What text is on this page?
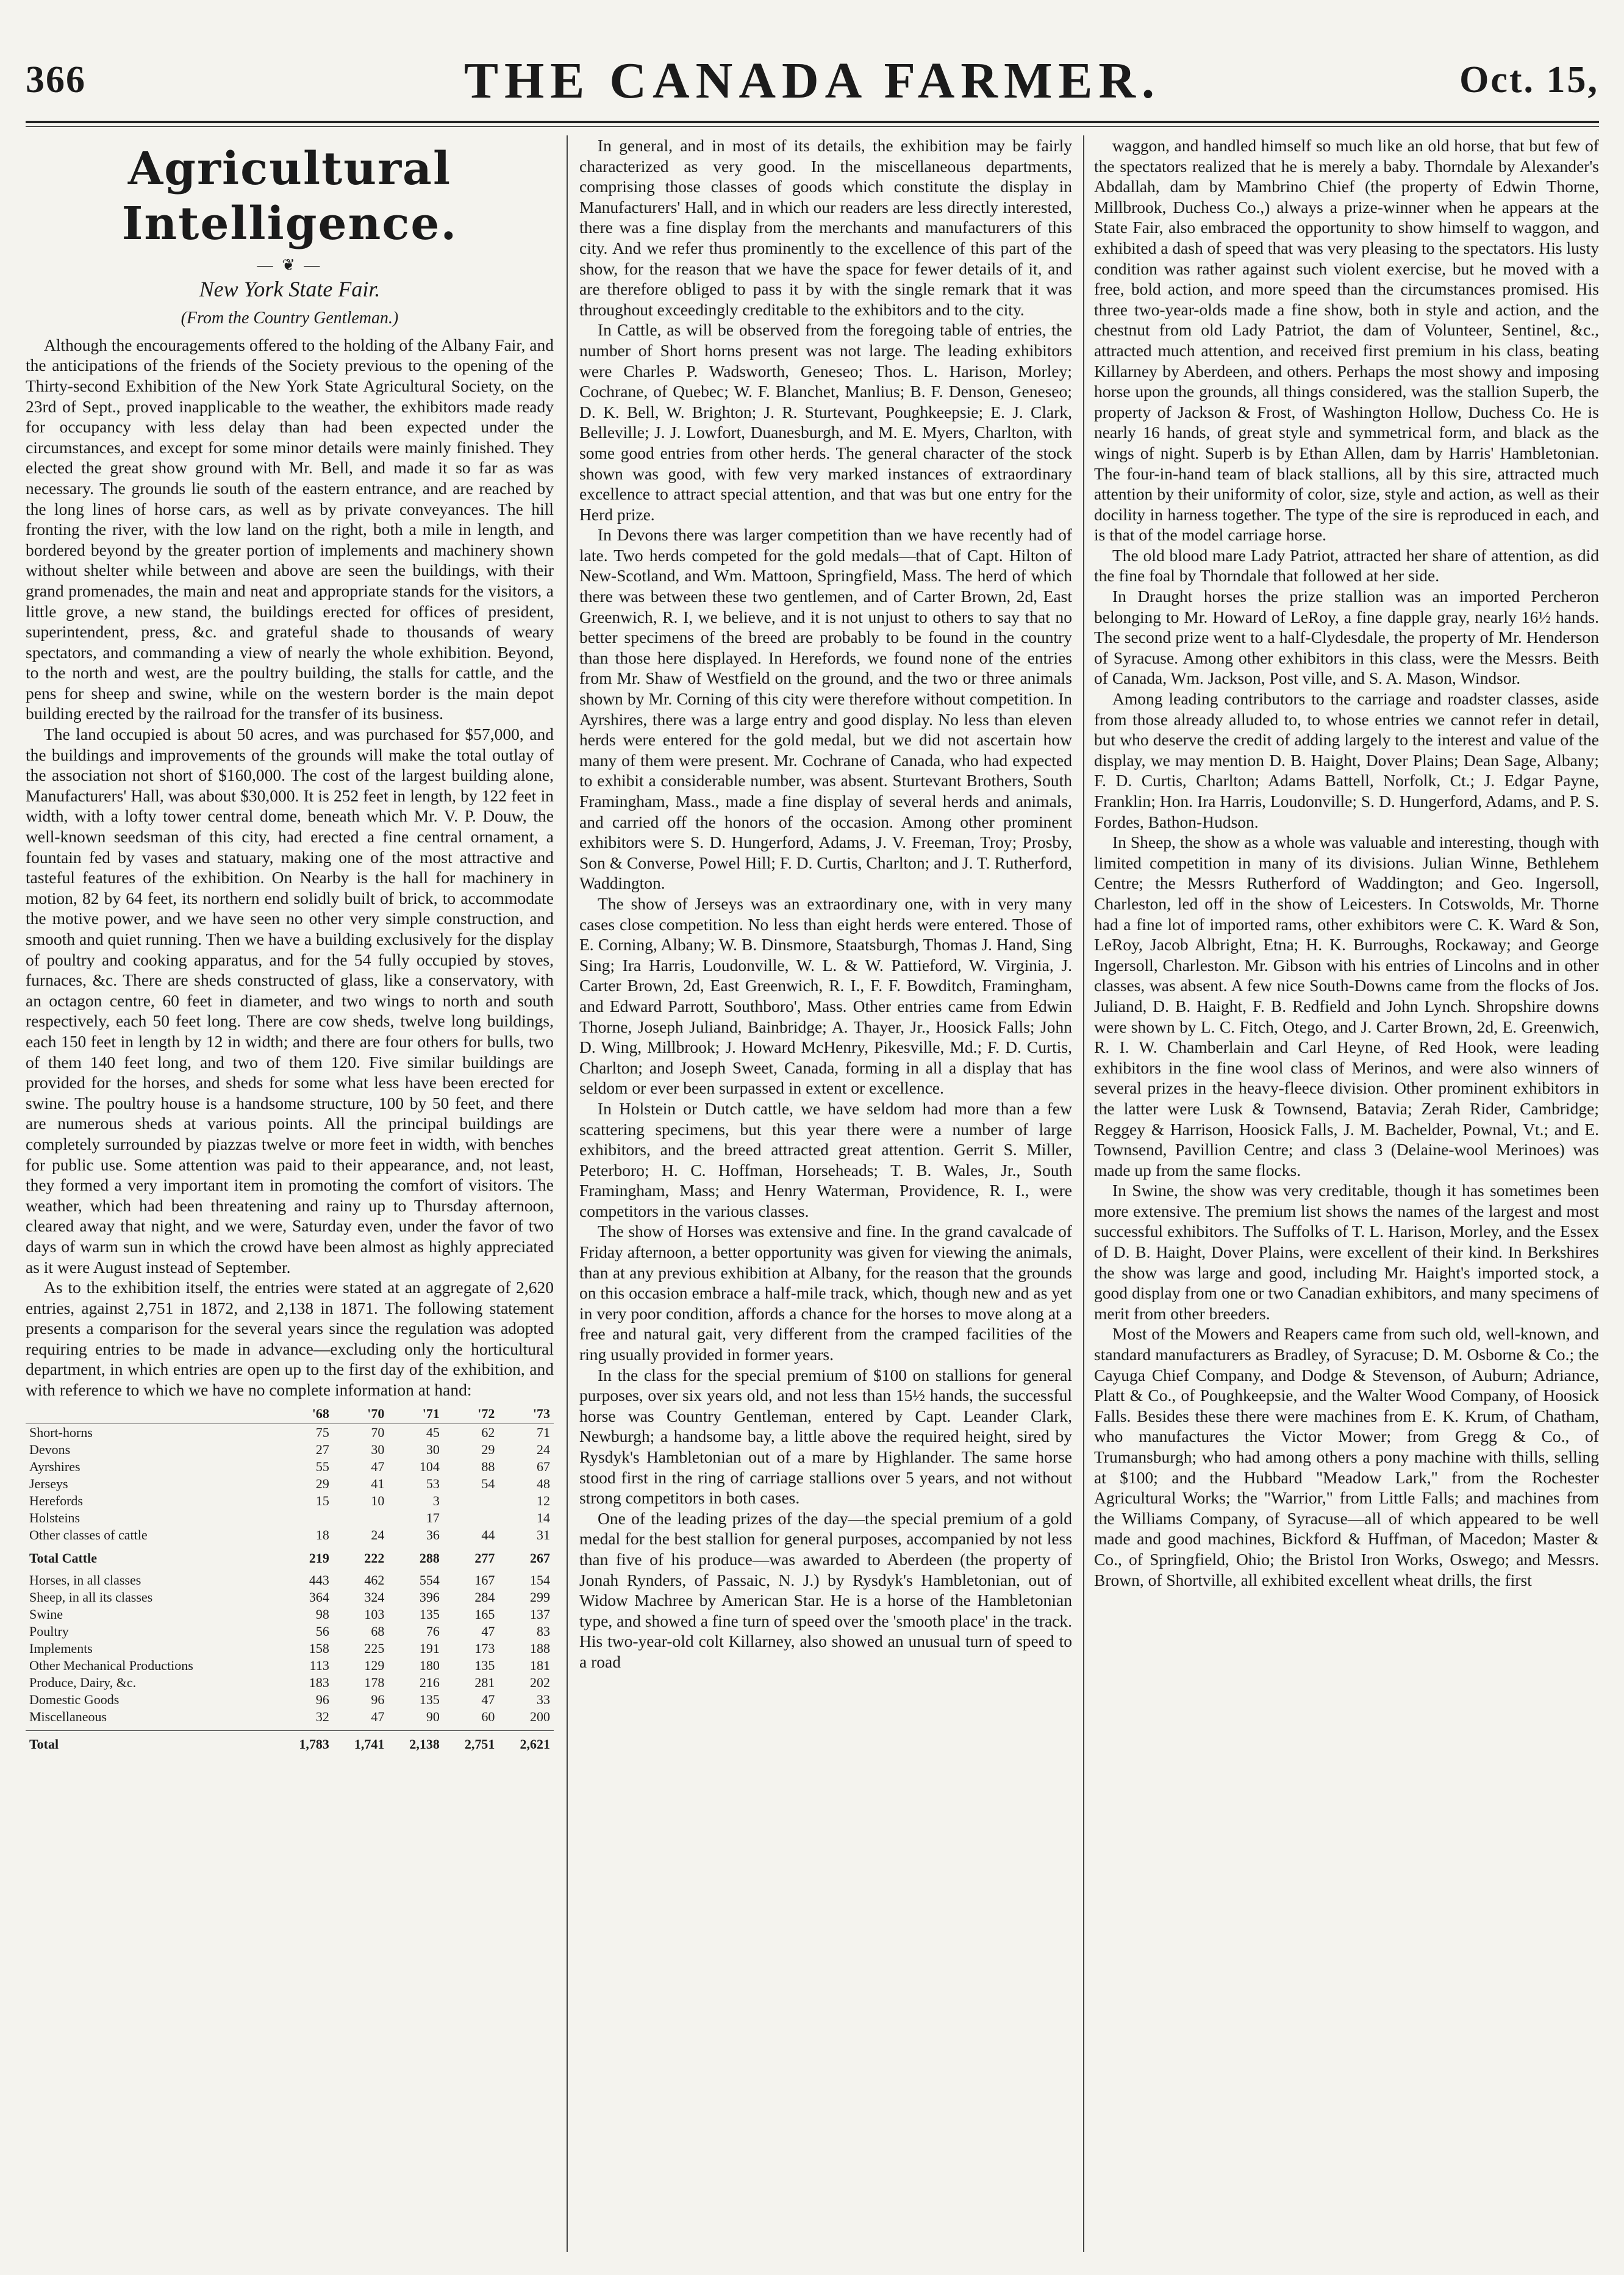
366	THE CANADA FARMER.	Oct. 15,
Agricultural Intelligence.
— ❦ —
New York State Fair.
(From the Country Gentleman.)

Although the encouragements offered to the holding of the Albany Fair, and the anticipations of the friends of the Society previous to the opening of the Thirty-second Exhibition of the New York State Agricultural Society, on the 23rd of Sept., proved inapplicable to the weather, the exhibitors made ready for occupancy with less delay than had been expected under the circumstances, and except for some minor details were mainly finished. They elected the great show ground with Mr. Bell, and made it so far as was necessary. The grounds lie south of the eastern entrance, and are reached by the long lines of horse cars, as well as by private conveyances. The hill fronting the river, with the low land on the right, both a mile in length, and bordered beyond by the greater portion of implements and machinery shown without shelter while between and above are seen the buildings, with their grand promenades, the main and neat and appropriate stands for the visitors, a little grove, a new stand, the buildings erected for offices of president, superintendent, press, &c. and grateful shade to thousands of weary spectators, and commanding a view of nearly the whole exhibition. Beyond, to the north and west, are the poultry building, the stalls for cattle, and the pens for sheep and swine, while on the western border is the main depot building erected by the railroad for the transfer of its business.

The land occupied is about 50 acres, and was purchased for $57,000, and the buildings and improvements of the grounds will make the total outlay of the association not short of $160,000. The cost of the largest building alone, Manufacturers' Hall, was about $30,000. It is 252 feet in length, by 122 feet in width, with a lofty tower central dome, beneath which Mr. V. P. Douw, the well-known seedsman of this city, had erected a fine central ornament, a fountain fed by vases and statuary, making one of the most attractive and tasteful features of the exhibition. On Nearby is the hall for machinery in motion, 82 by 64 feet, its northern end solidly built of brick, to accommodate the motive power, and we have seen no other very simple construction, and smooth and quiet running. Then we have a building exclusively for the display of poultry and cooking apparatus, and for the 54 fully occupied by stoves, furnaces, &c. There are sheds constructed of glass, like a conservatory, with an octagon centre, 60 feet in diameter, and two wings to north and south respectively, each 50 feet long. There are cow sheds, twelve long buildings, each 150 feet in length by 12 in width; and there are four others for bulls, two of them 140 feet long, and two of them 120. Five similar buildings are provided for the horses, and sheds for some what less have been erected for swine. The poultry house is a handsome structure, 100 by 50 feet, and there are numerous sheds at various points. All the principal buildings are completely surrounded by piazzas twelve or more feet in width, with benches for public use. Some attention was paid to their appearance, and, not least, they formed a very important item in promoting the comfort of visitors. The weather, which had been threatening and rainy up to Thursday afternoon, cleared away that night, and we were, Saturday even, under the favor of two days of warm sun in which the crowd have been almost as highly appreciated as it were August instead of September.

As to the exhibition itself, the entries were stated at an aggregate of 2,620 entries, against 2,751 in 1872, and 2,138 in 1871. The following statement presents a comparison for the several years since the regulation was adopted requiring entries to be made in advance—excluding only the horticultural department, in which entries are open up to the first day of the exhibition, and with reference to which we have no complete information at hand:

	'68	'70	'71	'72	'73
Short-horns	75	70	45	62	71
Devons	27	30	30	29	24
Ayrshires	55	47	104	88	67
Jerseys	29	41	53	54	48
Herefords	15	10	3		12
Holsteins			17		14
Other classes of cattle	18	24	36	44	31
Total Cattle	219	222	288	277	267

Horses, in all classes	443	462	554	167	154
Sheep, in all its classes	364	324	396	284	299
Swine	98	103	135	165	137
Poultry	56	68	76	47	83
Implements	158	225	191	173	188
Other Mechanical Productions	113	129	180	135	181
Produce, Dairy, &c.	183	178	216	281	202
Domestic Goods	96	96	135	47	33
Miscellaneous	32	47	90	60	200

Total	1,783	1,741	2,138	2,751	2,621

In general, and in most of its details, the exhibition may be fairly characterized as very good. In the miscellaneous departments, comprising those classes of goods which constitute the display in Manufacturers' Hall, and in which our readers are less directly interested, there was a fine display from the merchants and manufacturers of this city. And we refer thus prominently to the excellence of this part of the show, for the reason that we have the space for fewer details of it, and are therefore obliged to pass it by with the single remark that it was throughout exceedingly creditable to the exhibitors and to the city.

In Cattle, as will be observed from the foregoing table of entries, the number of Short horns present was not large. The leading exhibitors were Charles P. Wadsworth, Geneseo; Thos. L. Harison, Morley; Cochrane, of Quebec; W. F. Blanchet, Manlius; B. F. Denson, Geneseo; D. K. Bell, W. Brighton; J. R. Sturtevant, Poughkeepsie; E. J. Clark, Belleville; J. J. Lowfort, Duanesburgh, and M. E. Myers, Charlton, with some good entries from other herds. The general character of the stock shown was good, with few very marked instances of extraordinary excellence to attract special attention, and that was but one entry for the Herd prize.

In Devons there was larger competition than we have recently had of late. Two herds competed for the gold medals—that of Capt. Hilton of New-Scotland, and Wm. Mattoon, Springfield, Mass. The herd of which there was between these two gentlemen, and of Carter Brown, 2d, East Greenwich, R. I, we believe, and it is not unjust to others to say that no better specimens of the breed are probably to be found in the country than those here displayed. In Herefords, we found none of the entries from Mr. Shaw of Westfield on the ground, and the two or three animals shown by Mr. Corning of this city were therefore without competition. In Ayrshires, there was a large entry and good display. No less than eleven herds were entered for the gold medal, but we did not ascertain how many of them were present. Mr. Cochrane of Canada, who had expected to exhibit a considerable number, was absent. Sturtevant Brothers, South Framingham, Mass., made a fine display of several herds and animals, and carried off the honors of the occasion. Among other prominent exhibitors were S. D. Hungerford, Adams, J. V. Freeman, Troy; Prosby, Son & Converse, Powel Hill; F. D. Curtis, Charlton; and J. T. Rutherford, Waddington.

The show of Jerseys was an extraordinary one, with in very many cases close competition. No less than eight herds were entered. Those of E. Corning, Albany; W. B. Dinsmore, Staatsburgh, Thomas J. Hand, Sing Sing; Ira Harris, Loudonville, W. L. & W. Pattieford, W. Virginia, J. Carter Brown, 2d, East Greenwich, R. I., F. F. Bowditch, Framingham, and Edward Parrott, Southboro', Mass. Other entries came from Edwin Thorne, Joseph Juliand, Bainbridge; A. Thayer, Jr., Hoosick Falls; John D. Wing, Millbrook; J. Howard McHenry, Pikesville, Md.; F. D. Curtis, Charlton; and Joseph Sweet, Canada, forming in all a display that has seldom or ever been surpassed in extent or excellence.

In Holstein or Dutch cattle, we have seldom had more than a few scattering specimens, but this year there were a number of large exhibitors, and the breed attracted great attention. Gerrit S. Miller, Peterboro; H. C. Hoffman, Horseheads; T. B. Wales, Jr., South Framingham, Mass; and Henry Waterman, Providence, R. I., were competitors in the various classes.

The show of Horses was extensive and fine. In the grand cavalcade of Friday afternoon, a better opportunity was given for viewing the animals, than at any previous exhibition at Albany, for the reason that the grounds on this occasion embrace a half-mile track, which, though new and as yet in very poor condition, affords a chance for the horses to move along at a free and natural gait, very different from the cramped facilities of the ring usually provided in former years.

In the class for the special premium of $100 on stallions for general purposes, over six years old, and not less than 15½ hands, the successful horse was Country Gentleman, entered by Capt. Leander Clark, Newburgh; a handsome bay, a little above the required height, sired by Rysdyk's Hambletonian out of a mare by Highlander. The same horse stood first in the ring of carriage stallions over 5 years, and not without strong competitors in both cases.

One of the leading prizes of the day—the special premium of a gold medal for the best stallion for general purposes, accompanied by not less than five of his produce—was awarded to Aberdeen (the property of Jonah Rynders, of Passaic, N. J.) by Rysdyk's Hambletonian, out of Widow Machree by American Star. He is a horse of the Hambletonian type, and showed a fine turn of speed over the 'smooth place' in the track. His two-year-old colt Killarney, also showed an unusual turn of speed to a road

waggon, and handled himself so much like an old horse, that but few of the spectators realized that he is merely a baby. Thorndale by Alexander's Abdallah, dam by Mambrino Chief (the property of Edwin Thorne, Millbrook, Duchess Co.,) always a prize-winner when he appears at the State Fair, also embraced the opportunity to show himself to waggon, and exhibited a dash of speed that was very pleasing to the spectators. His lusty condition was rather against such violent exercise, but he moved with a free, bold action, and more speed than the circumstances promised. His three two-year-olds made a fine show, both in style and action, and the chestnut from old Lady Patriot, the dam of Volunteer, Sentinel, &c., attracted much attention, and received first premium in his class, beating Killarney by Aberdeen, and others. Perhaps the most showy and imposing horse upon the grounds, all things considered, was the stallion Superb, the property of Jackson & Frost, of Washington Hollow, Duchess Co. He is nearly 16 hands, of great style and symmetrical form, and black as the wings of night. Superb is by Ethan Allen, dam by Harris' Hambletonian. The four-in-hand team of black stallions, all by this sire, attracted much attention by their uniformity of color, size, style and action, as well as their docility in harness together. The type of the sire is reproduced in each, and is that of the model carriage horse.

The old blood mare Lady Patriot, attracted her share of attention, as did the fine foal by Thorndale that followed at her side.

In Draught horses the prize stallion was an imported Percheron belonging to Mr. Howard of LeRoy, a fine dapple gray, nearly 16½ hands. The second prize went to a half-Clydesdale, the property of Mr. Henderson of Syracuse. Among other exhibitors in this class, were the Messrs. Beith of Canada, Wm. Jackson, Post ville, and S. A. Mason, Windsor.

Among leading contributors to the carriage and roadster classes, aside from those already alluded to, to whose entries we cannot refer in detail, but who deserve the credit of adding largely to the interest and value of the display, we may mention D. B. Haight, Dover Plains; Dean Sage, Albany; F. D. Curtis, Charlton; Adams Battell, Norfolk, Ct.; J. Edgar Payne, Franklin; Hon. Ira Harris, Loudonville; S. D. Hungerford, Adams, and P. S. Fordes, Bathon-Hudson.

In Sheep, the show as a whole was valuable and interesting, though with limited competition in many of its divisions. Julian Winne, Bethlehem Centre; the Messrs Rutherford of Waddington; and Geo. Ingersoll, Charleston, led off in the show of Leicesters. In Cotswolds, Mr. Thorne had a fine lot of imported rams, other exhibitors were C. K. Ward & Son, LeRoy, Jacob Albright, Etna; H. K. Burroughs, Rockaway; and George Ingersoll, Charleston. Mr. Gibson with his entries of Lincolns and in other classes, was absent. A few nice South-Downs came from the flocks of Jos. Juliand, D. B. Haight, F. B. Redfield and John Lynch. Shropshire downs were shown by L. C. Fitch, Otego, and J. Carter Brown, 2d, E. Greenwich, R. I. W. Chamberlain and Carl Heyne, of Red Hook, were leading exhibitors in the fine wool class of Merinos, and were also winners of several prizes in the heavy-fleece division. Other prominent exhibitors in the latter were Lusk & Townsend, Batavia; Zerah Rider, Cambridge; Reggey & Harrison, Hoosick Falls, J. M. Bachelder, Pownal, Vt.; and E. Townsend, Pavillion Centre; and class 3 (Delaine-wool Merinoes) was made up from the same flocks.

In Swine, the show was very creditable, though it has sometimes been more extensive. The premium list shows the names of the largest and most successful exhibitors. The Suffolks of T. L. Harison, Morley, and the Essex of D. B. Haight, Dover Plains, were excellent of their kind. In Berkshires the show was large and good, including Mr. Haight's imported stock, a good display from one or two Canadian exhibitors, and many specimens of merit from other breeders.

Most of the Mowers and Reapers came from such old, well-known, and standard manufacturers as Bradley, of Syracuse; D. M. Osborne & Co.; the Cayuga Chief Company, and Dodge & Stevenson, of Auburn; Adriance, Platt & Co., of Poughkeepsie, and the Walter Wood Company, of Hoosick Falls. Besides these there were machines from E. K. Krum, of Chatham, who manufactures the Victor Mower; from Gregg & Co., of Trumansburgh; who had among others a pony machine with thills, selling at $100; and the Hubbard "Meadow Lark," from the Rochester Agricultural Works; the "Warrior," from Little Falls; and machines from the Williams Company, of Syracuse—all of which appeared to be well made and good machines, Bickford & Huffman, of Macedon; Master & Co., of Springfield, Ohio; the Bristol Iron Works, Oswego; and Messrs. Brown, of Shortville, all exhibited excellent wheat drills, the first
